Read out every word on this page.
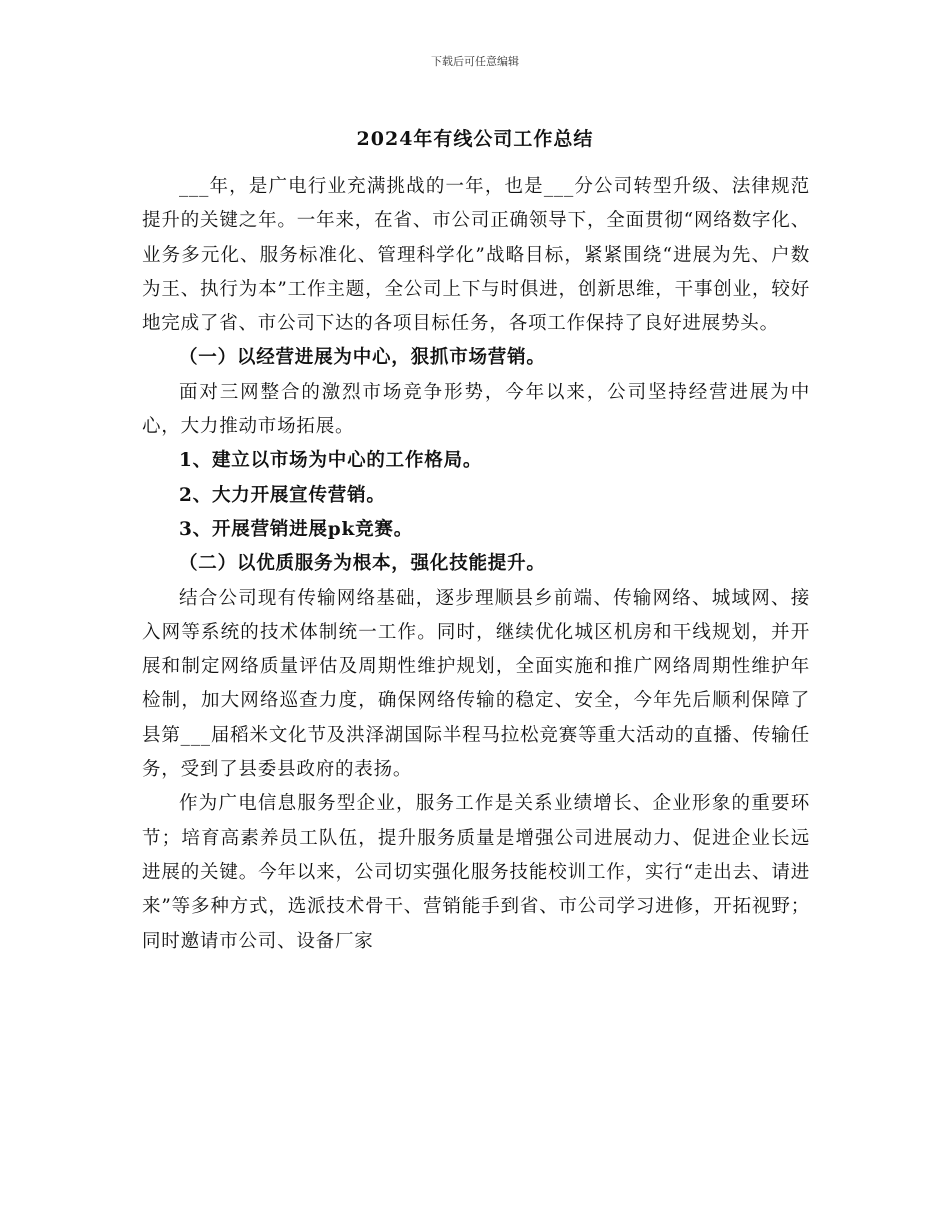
下载后可任意编辑
2024年有线公司工作总结

___年，是广电行业充满挑战的一年，也是___分公司转型升级、法律规范提升的关键之年。一年来，在省、市公司正确领导下，全面贯彻“网络数字化、业务多元化、服务标准化、管理科学化”战略目标，紧紧围绕“进展为先、户数为王、执行为本”工作主题，全公司上下与时俱进，创新思维，干事创业，较好地完成了省、市公司下达的各项目标任务，各项工作保持了良好进展势头。

（一）以经营进展为中心，狠抓市场营销。

面对三网整合的激烈市场竞争形势，今年以来，公司坚持经营进展为中心，大力推动市场拓展。

1、建立以市场为中心的工作格局。

2、大力开展宣传营销。

3、开展营销进展pk竞赛。

（二）以优质服务为根本，强化技能提升。

结合公司现有传输网络基础，逐步理顺县乡前端、传输网络、城域网、接入网等系统的技术体制统一工作。同时，继续优化城区机房和干线规划，并开展和制定网络质量评估及周期性维护规划，全面实施和推广网络周期性维护年检制，加大网络巡查力度，确保网络传输的稳定、安全，今年先后顺利保障了县第___届稻米文化节及洪泽湖国际半程马拉松竞赛等重大活动的直播、传输任务，受到了县委县政府的表扬。

作为广电信息服务型企业，服务工作是关系业绩增长、企业形象的重要环节；培育高素养员工队伍，提升服务质量是增强公司进展动力、促进企业长远进展的关键。今年以来，公司切实强化服务技能校训工作，实行“走出去、请进来”等多种方式，选派技术骨干、营销能手到省、市公司学习进修，开拓视野；同时邀请市公司、设备厂家
